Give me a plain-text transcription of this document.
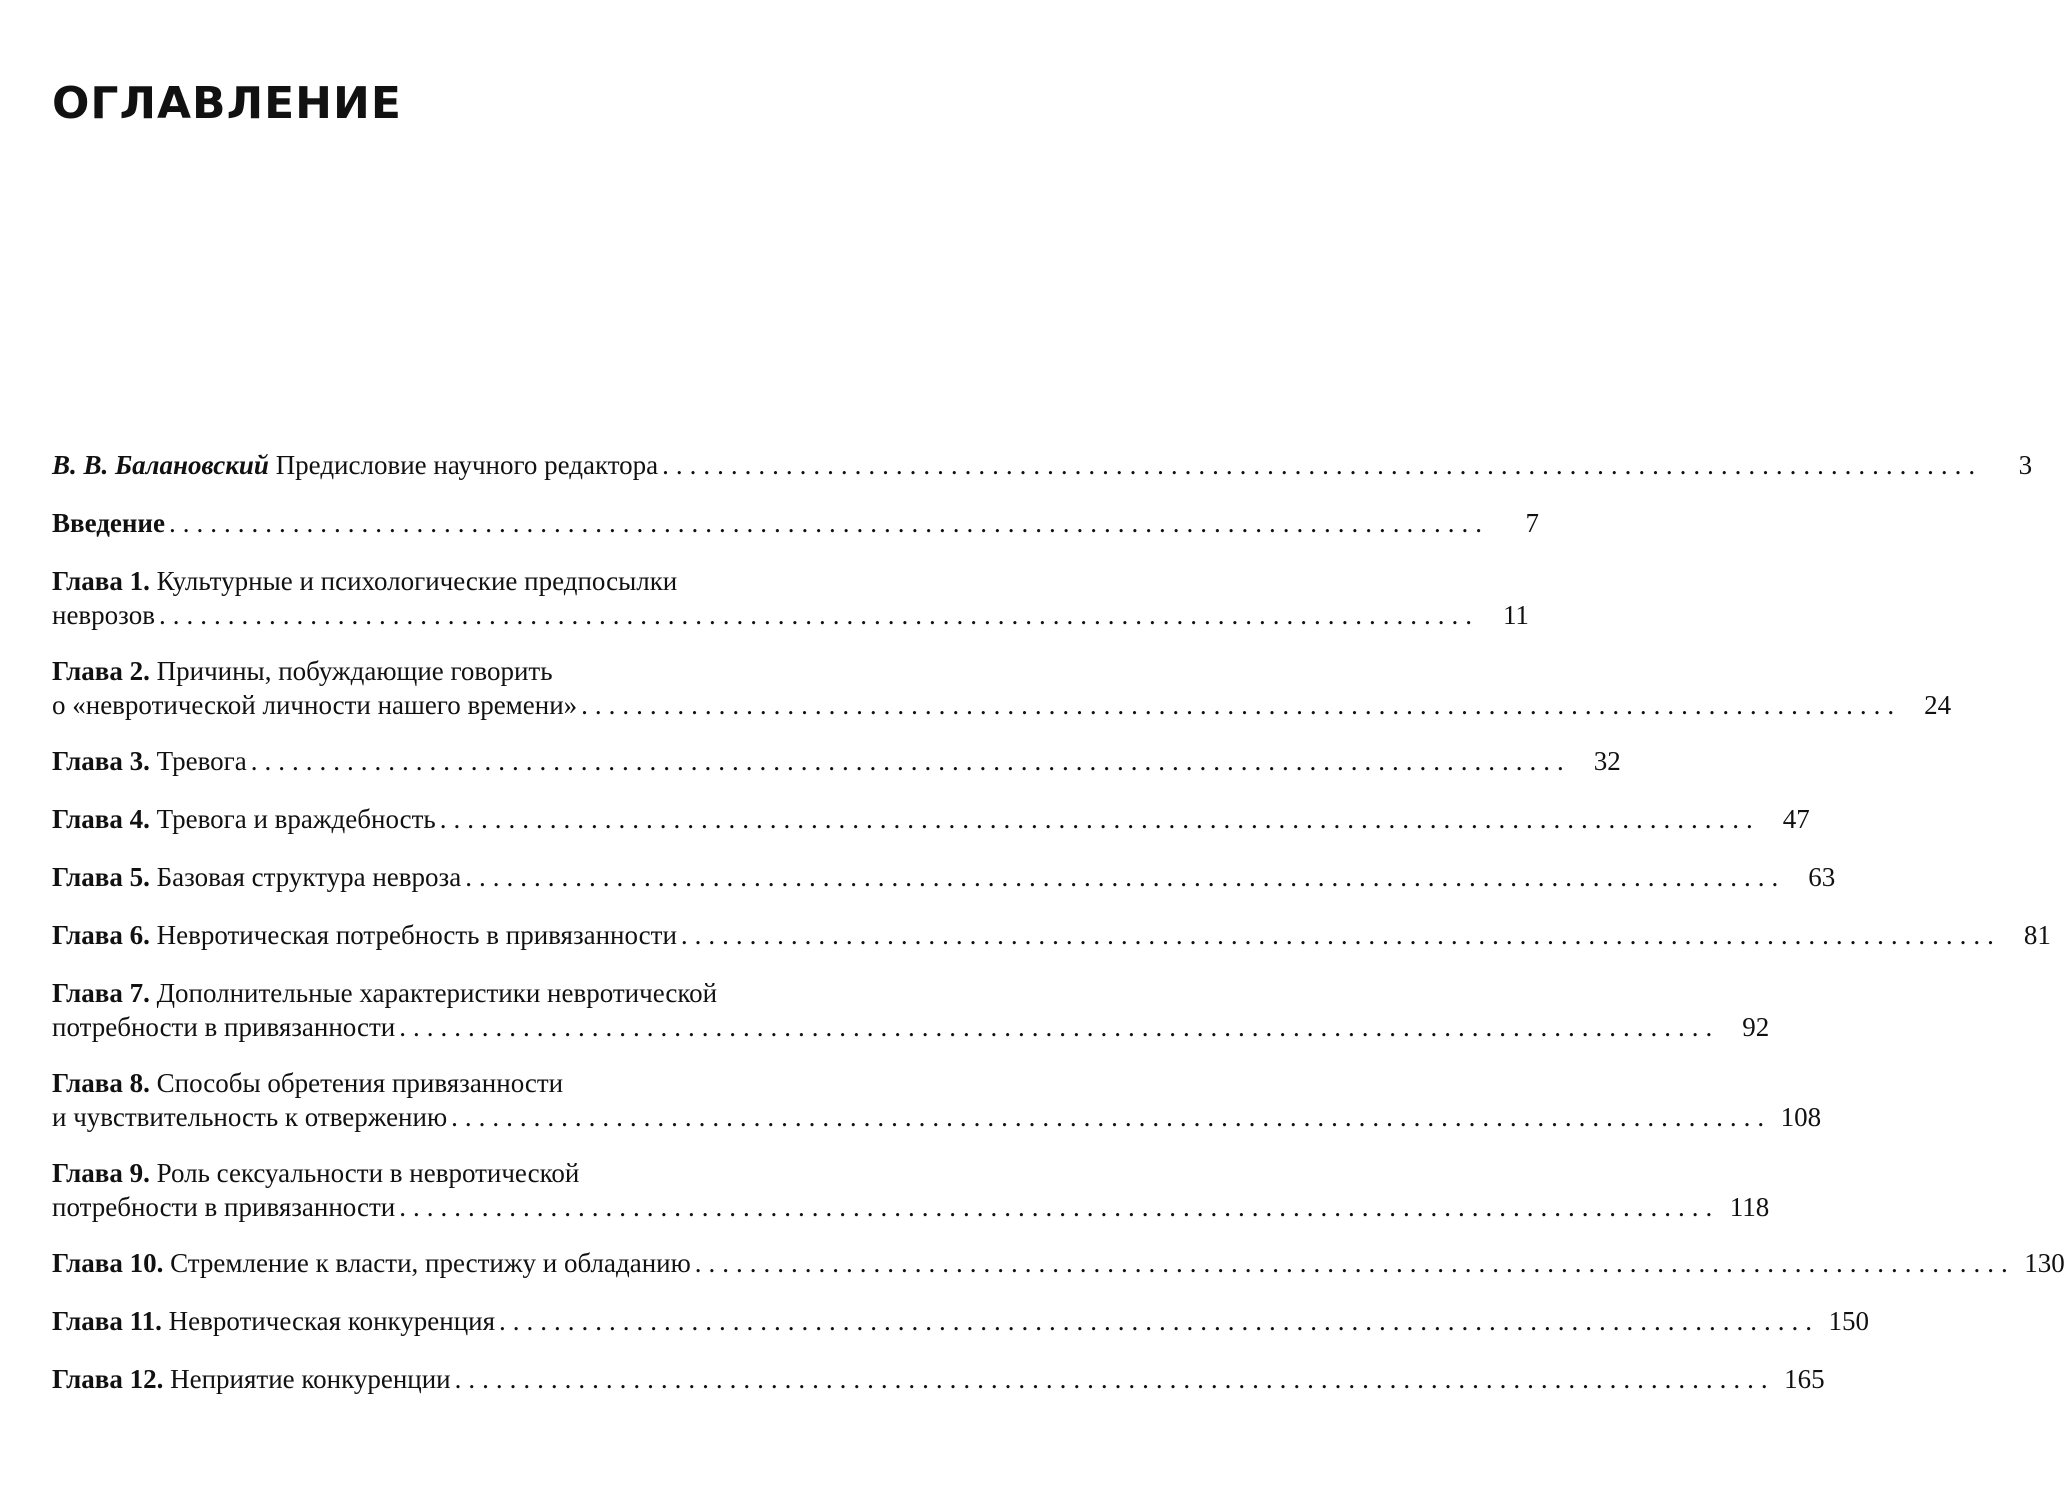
ОГЛАВЛЕНИЕ
В. В. Балановский Предисловие научного редактора ................................................................................................	3
Введение ................................................................................................	7
Глава 1. Культурные и психологические предпосылки
неврозов ................................................................................................ 11
Глава 2. Причины, побуждающие говорить
о «невротической личности нашего времени» ................................................................................................ 24
Глава 3. Тревога ................................................................................................ 32
Глава 4. Тревога и враждебность ................................................................................................ 47
Глава 5. Базовая структура невроза ................................................................................................ 63
Глава 6. Невротическая потребность в привязанности ................................................................................................ 81
Глава 7. Дополнительные характеристики невротической
потребности в привязанности ................................................................................................ 92
Глава 8. Способы обретения привязанности
и чувствительность к отвержению ................................................................................................ 108
Глава 9. Роль сексуальности в невротической
потребности в привязанности ................................................................................................ 118
Глава 10. Стремление к власти, престижу и обладанию ................................................................................................ 130
Глава 11. Невротическая конкуренция ................................................................................................ 150
Глава 12. Неприятие конкуренции ................................................................................................ 165
